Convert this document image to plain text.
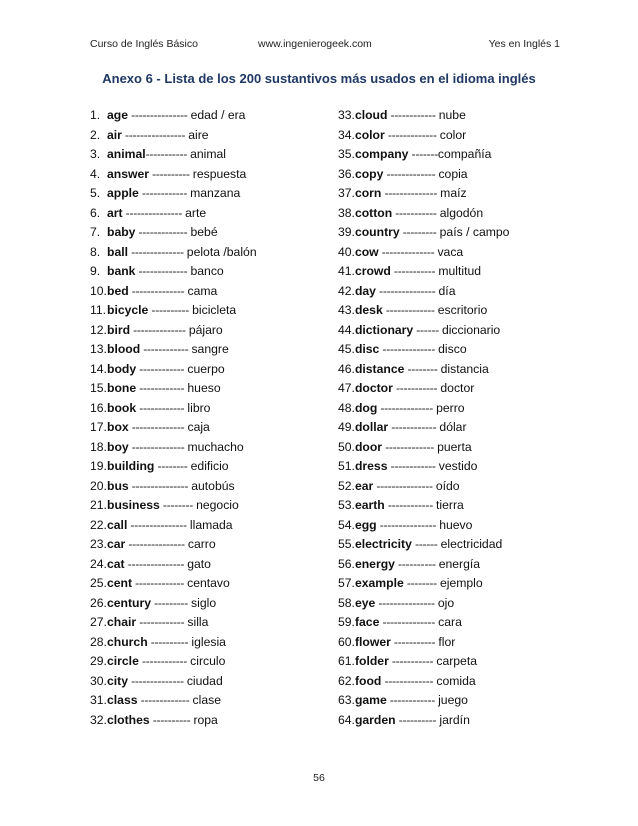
Curso de Inglés Básico	www.ingenierogeek.com	Yes en Inglés 1
Anexo 6 - Lista de los 200 sustantivos más usados en el idioma inglés
1. age --------------- edad / era
2. air ---------------- aire
3. animal----------- animal
4. answer ---------- respuesta
5. apple ------------ manzana
6. art --------------- arte
7. baby ------------- bebé
8. ball -------------- pelota /balón
9. bank ------------- banco
10.bed -------------- cama
11.bicycle ---------- bicicleta
12.bird -------------- pájaro
13.blood ------------ sangre
14.body ------------ cuerpo
15.bone ------------ hueso
16.book ------------ libro
17.box -------------- caja
18.boy -------------- muchacho
19.building -------- edificio
20.bus --------------- autobús
21.business -------- negocio
22.call --------------- llamada
23.car --------------- carro
24.cat --------------- gato
25.cent ------------- centavo
26.century --------- siglo
27.chair ------------ silla
28.church ---------- iglesia
29.circle ------------ circulo
30.city -------------- ciudad
31.class ------------- clase
32.clothes ---------- ropa
33.cloud ------------ nube
34.color ------------- color
35.company -------compañía
36.copy ------------- copia
37.corn -------------- maíz
38.cotton ----------- algodón
39.country --------- país / campo
40.cow -------------- vaca
41.crowd ----------- multitud
42.day --------------- día
43.desk ------------- escritorio
44.dictionary ------ diccionario
45.disc -------------- disco
46.distance -------- distancia
47.doctor ----------- doctor
48.dog -------------- perro
49.dollar ------------ dólar
50.door ------------- puerta
51.dress ------------ vestido
52.ear --------------- oído
53.earth ------------ tierra
54.egg --------------- huevo
55.electricity ------ electricidad
56.energy ---------- energía
57.example -------- ejemplo
58.eye --------------- ojo
59.face -------------- cara
60.flower ----------- flor
61.folder ----------- carpeta
62.food ------------- comida
63.game ------------ juego
64.garden ---------- jardín
56
